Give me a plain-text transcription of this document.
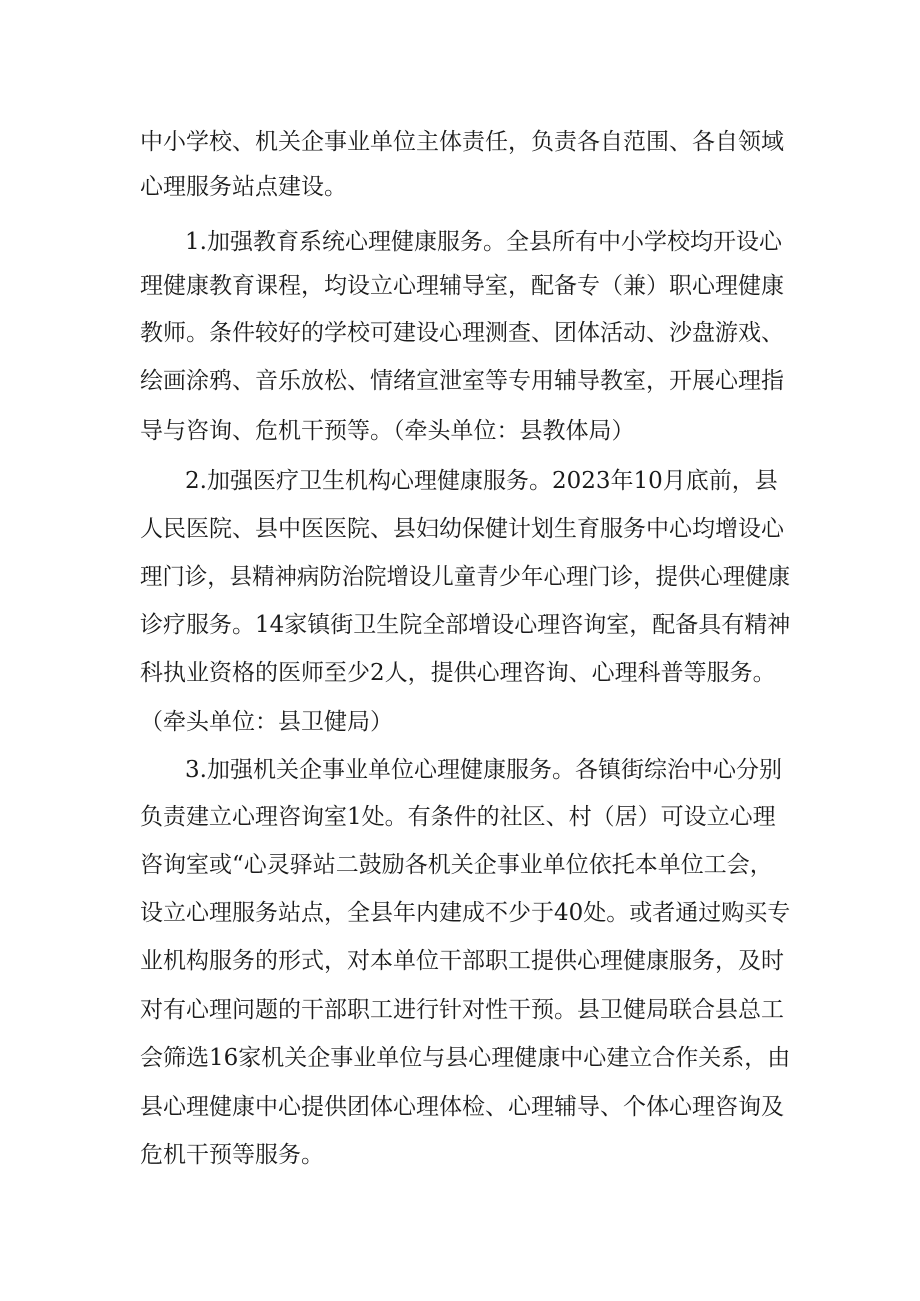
中小学校、机关企事业单位主体责任，负责各自范围、各自领域
心理服务站点建设。
1.加强教育系统心理健康服务。全县所有中小学校均开设心
理健康教育课程，均设立心理辅导室，配备专（兼）职心理健康
教师。条件较好的学校可建设心理测查、团体活动、沙盘游戏、
绘画涂鸦、音乐放松、情绪宣泄室等专用辅导教室，开展心理指
导与咨询、危机干预等。（牵头单位：县教体局）
2.加强医疗卫生机构心理健康服务。2023年10月底前，县
人民医院、县中医医院、县妇幼保健计划生育服务中心均增设心
理门诊，县精神病防治院增设儿童青少年心理门诊，提供心理健康
诊疗服务。14家镇街卫生院全部增设心理咨询室，配备具有精神
科执业资格的医师至少2人，提供心理咨询、心理科普等服务。
（牵头单位：县卫健局）
3.加强机关企事业单位心理健康服务。各镇街综治中心分别
负责建立心理咨询室1处。有条件的社区、村（居）可设立心理
咨询室或“心灵驿站二鼓励各机关企事业单位依托本单位工会，
设立心理服务站点，全县年内建成不少于40处。或者通过购买专
业机构服务的形式，对本单位干部职工提供心理健康服务，及时
对有心理问题的干部职工进行针对性干预。县卫健局联合县总工
会筛选16家机关企事业单位与县心理健康中心建立合作关系，由
县心理健康中心提供团体心理体检、心理辅导、个体心理咨询及
危机干预等服务。
